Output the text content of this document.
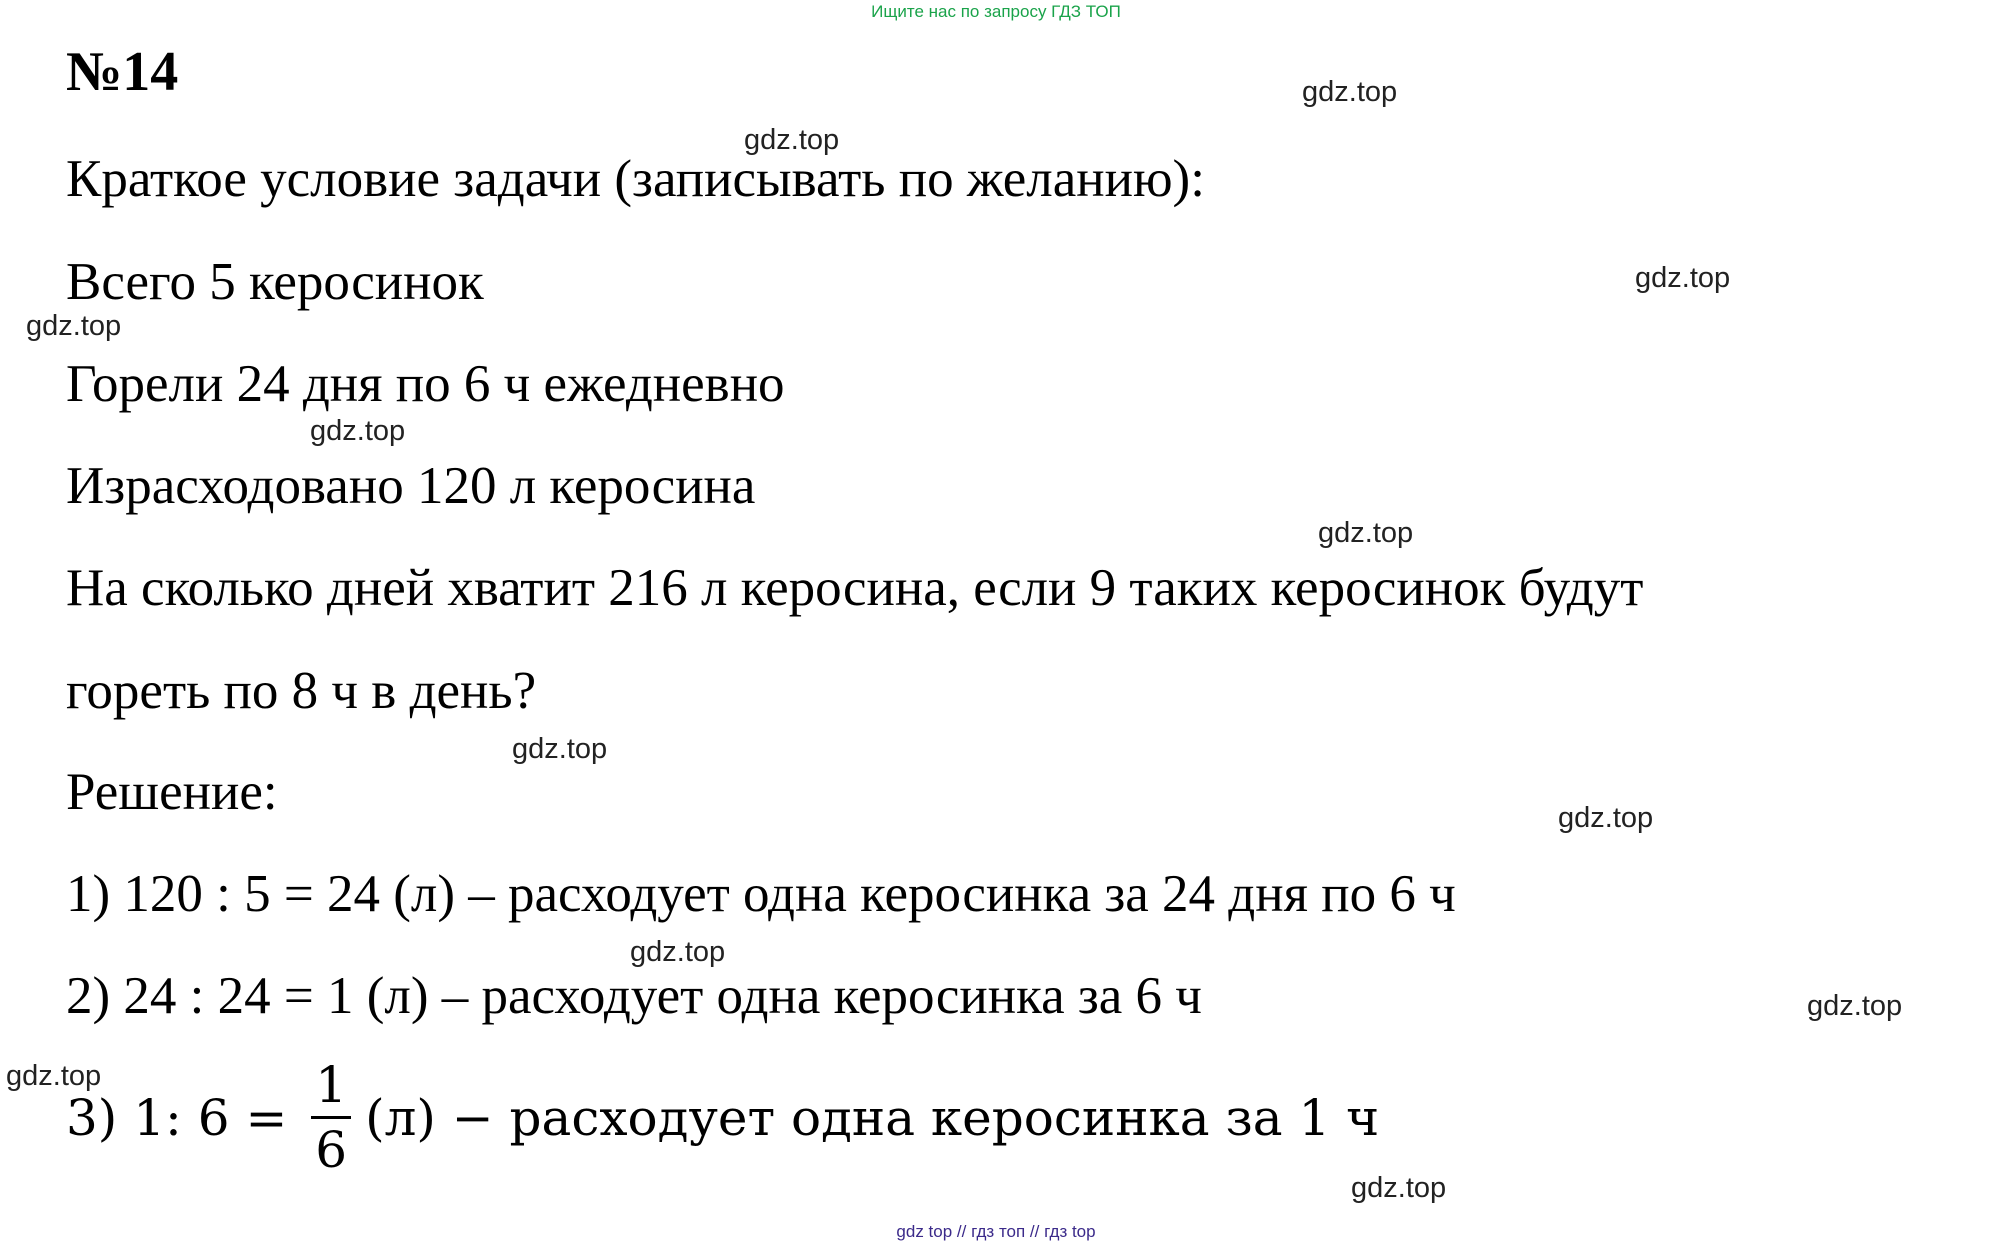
Ищите нас по запросу ГДЗ ТОП
№14
Краткое условие задачи (записывать по желанию):
Всего 5 керосинок
Горели 24 дня по 6 ч ежедневно
Израсходовано 120 л керосина
На сколько дней хватит 216 л керосина, если 9 таких керосинок будут
гореть по 8 ч в день?
Решение:
1) 120 : 5 = 24 (л) – расходует одна керосинка за 24 дня по 6 ч
2) 24 : 24 = 1 (л) – расходует одна керосинка за 6 ч
3) 1: $6 = \frac{1}{6} (л)$ − расходует одна керосинка за 1 ч
gdz.top
gdz.top
gdz.top
gdz.top
gdz.top
gdz.top
gdz.top
gdz.top
gdz.top
gdz.top
gdz.top
gdz.top
gdz top // гдз топ // гдз top
